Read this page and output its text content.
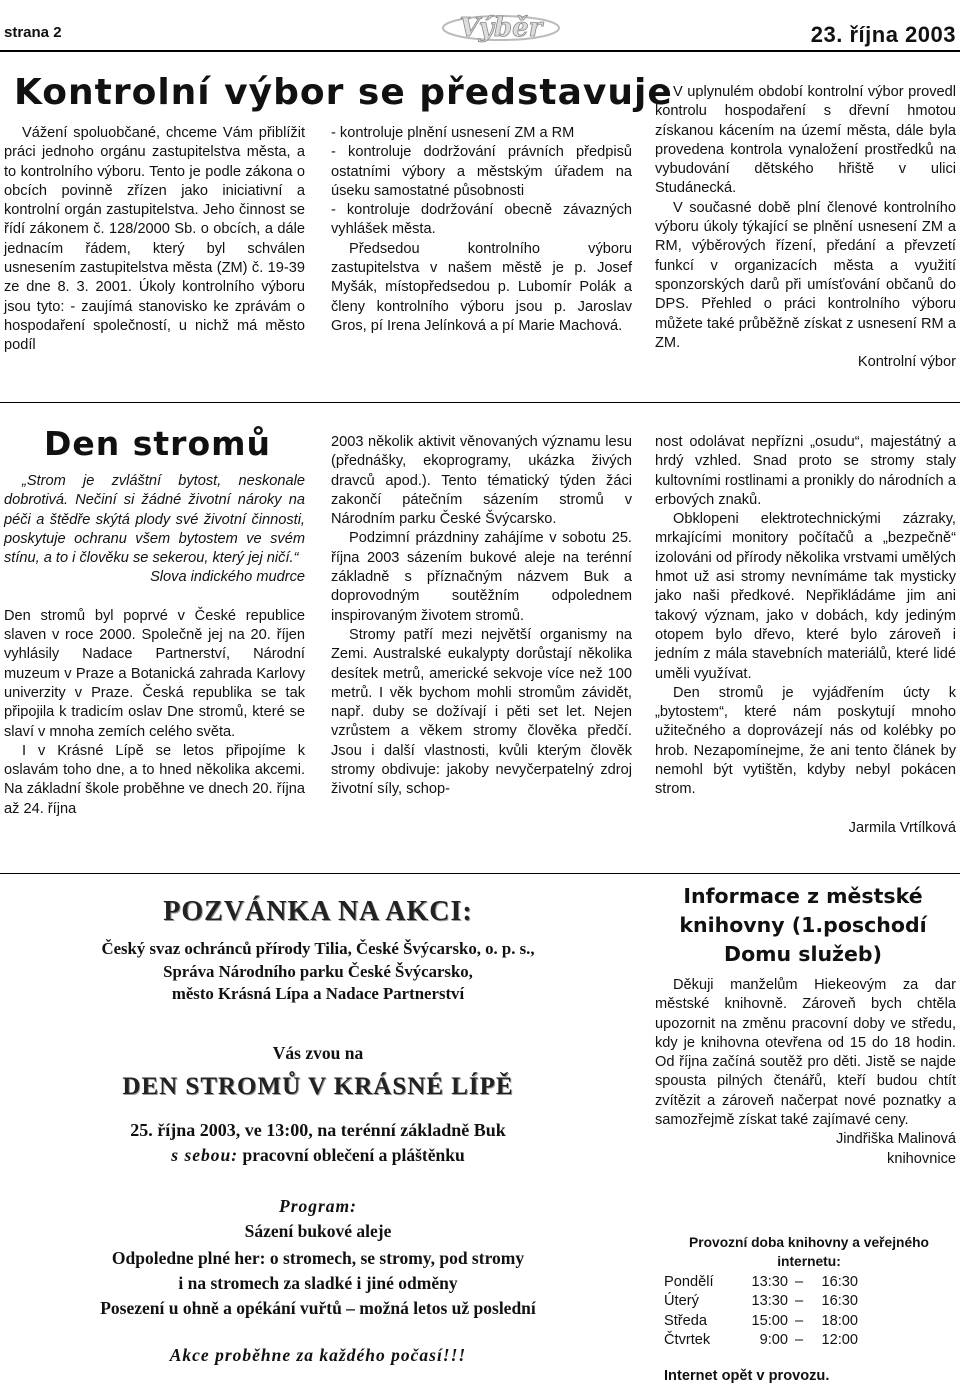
strana 2	Výběr	23. října 2003
Kontrolní výbor se představuje

Vážení spoluobčané, chceme Vám přiblížit práci jednoho orgánu zastupitelstva města, a to kontrolního výboru. Tento je podle zákona o obcích povinně zřízen jako iniciativní a kontrolní orgán zastupitelstva. Jeho činnost se řídí zákonem č. 128/2000 Sb. o obcích, a dále jednacím řádem, který byl schválen usnesením zastupitelstva města (ZM) č. 19-39 ze dne 8. 3. 2001. Úkoly kontrolního výboru jsou tyto: - zaujímá stanovisko ke zprávám o hospodaření společností, u nichž má město podíl

- kontroluje plnění usnesení ZM a RM

- kontroluje dodržování právních předpisů ostatními výbory a městským úřadem na úseku samostatné působnosti

- kontroluje dodržování obecně závazných vyhlášek města.

Předsedou kontrolního výboru zastupitelstva v našem městě je p. Josef Myšák, místopředsedou p. Lubomír Polák a členy kontrolního výboru jsou p. Jaroslav Gros, pí Irena Jelínková a pí Marie Machová.

V uplynulém období kontrolní výbor provedl kontrolu hospodaření s dřevní hmotou získanou kácením na území města, dále byla provedena kontrola vynaložení prostředků na vybudování dětského hřiště v ulici Studánecká.

V současné době plní členové kontrolního výboru úkoly týkající se plnění usnesení ZM a RM, výběrových řízení, předání a převzetí funkcí v organizacích města a využití sponzorských darů při umísťování občanů do DPS. Přehled o práci kontrolního výboru můžete také průběžně získat z usnesení RM a ZM.

Kontrolní výbor

Den stromů

„Strom je zvláštní bytost, neskonale dobrotivá. Nečiní si žádné životní nároky na péči a štědře skýtá plody své životní činnosti, poskytuje ochranu všem bytostem ve svém stínu, a to i člověku se sekerou, který jej ničí.“

Slova indického mudrce

Den stromů byl poprvé v České republice slaven v roce 2000. Společně jej na 20. říjen vyhlásily Nadace Partnerství, Národní muzeum v Praze a Botanická zahrada Karlovy univerzity v Praze. Česká republika se tak připojila k tradicím oslav Dne stromů, které se slaví v mnoha zemích celého světa.

I v Krásné Lípě se letos připojíme k oslavám toho dne, a to hned několika akcemi. Na základní škole proběhne ve dnech 20. října až 24. října

2003 několik aktivit věnovaných významu lesu (přednášky, ekoprogramy, ukázka živých dravců apod.). Tento tématický týden žáci zakončí pátečním sázením stromů v Národním parku České Švýcarsko.

Podzimní prázdniny zahájíme v sobotu 25. října 2003 sázením bukové aleje na terénní základně s příznačným názvem Buk a doprovodným soutěžním odpolednem inspirovaným životem stromů.

Stromy patří mezi největší organismy na Zemi. Australské eukalypty dorůstají několika desítek metrů, americké sekvoje více než 100 metrů. I věk bychom mohli stromům závidět, např. duby se dožívají i pěti set let. Nejen vzrůstem a věkem stromy člověka předčí. Jsou i další vlastnosti, kvůli kterým člověk stromy obdivuje: jakoby nevyčerpatelný zdroj životní síly, schop-

nost odolávat nepřízni „osudu“, majestátný a hrdý vzhled. Snad proto se stromy staly kultovními rostlinami a pronikly do národních a erbových znaků.

Obklopeni elektrotechnickými zázraky, mrkajícími monitory počítačů a „bezpečně“ izolováni od přírody několika vrstvami umělých hmot už asi stromy nevnímáme tak mysticky jako naši předkové. Nepřikládáme jim ani takový význam, jako v dobách, kdy jediným otopem bylo dřevo, které bylo zároveň i jedním z mála stavebních materiálů, které lidé uměli využívat.

Den stromů je vyjádřením úcty k „bytostem“, které nám poskytují mnoho užitečného a doprovázejí nás od kolébky po hrob. Nezapomínejme, že ani tento článek by nemohl být vytištěn, kdyby nebyl pokácen strom.

Jarmila Vrtílková

POZVÁNKA NA AKCI:
Český svaz ochránců přírody Tilia, České Švýcarsko, o. p. s.,
Správa Národního parku České Švýcarsko,
město Krásná Lípa a Nadace Partnerství
Vás zvou na
DEN STROMŮ V KRÁSNÉ LÍPĚ
25. října 2003, ve 13:00, na terénní základně Buk
s sebou: pracovní oblečení a pláštěnku
Program:
Sázení bukové aleje
Odpoledne plné her: o stromech, se stromy, pod stromy
i na stromech za sladké i jiné odměny
Posezení u ohně a opékání vuřtů – možná letos už poslední
Akce proběhne za každého počasí!!!
Informace z městské
knihovny (1.poschodí
Domu služeb)

Děkuji manželům Hiekeovým za dar městské knihovně. Zároveň bych chtěla upozornit na změnu pracovní doby ve středu, kdy je knihovna otevřena od 15 do 18 hodin. Od října začíná soutěž pro děti. Jistě se najde spousta pilných čtenářů, kteří budou chtít zvítězit a zároveň načerpat nové poznatky a samozřejmě získat také zajímavé ceny.

Jindřiška Malinová

knihovnice

Provozní doba knihovny a veřejného
internetu:
Pondělí	13:30	–	16:30
Úterý	13:30	–	16:30
Středa	15:00	–	18:00
Čtvrtek	9:00	–	12:00
Internet opět v provozu.
